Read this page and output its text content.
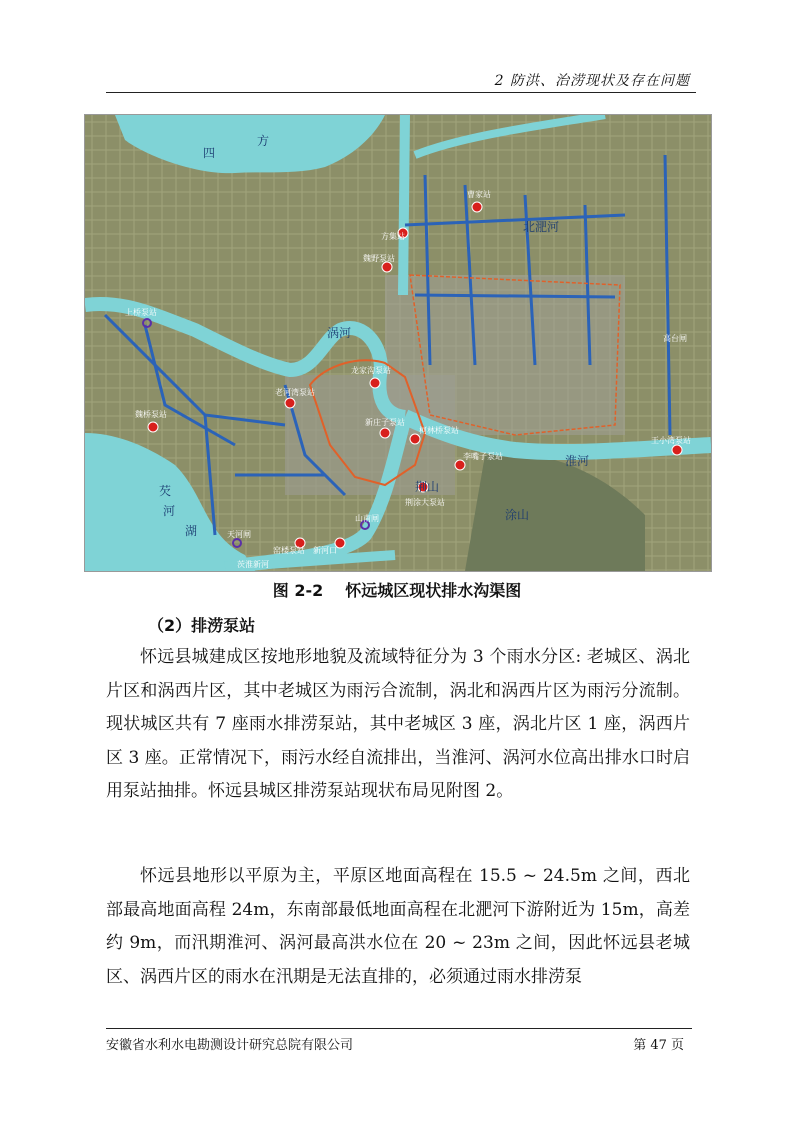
2 防洪、治涝现状及存在问题
四
方
芡
河
湖
涡河
淮河
北淝河
涂山
荆山
方集站
曹家站
魏野泵站
老河湾泵站
龙家沟泵站
魏桥泵站
高台闸
新庄子泵站
柯林桥泵站
李嘴子泵站
荆涂大泵站
山南闸
王小湾泵站
天河闸
窑楼泵站 新河口
上桥泵站
茨淮新河
图 2-2 怀远城区现状排水沟渠图
（2）排涝泵站

怀远县城建成区按地形地貌及流域特征分为 3 个雨水分区: 老城区、涡北片区和涡西片区，其中老城区为雨污合流制，涡北和涡西片区为雨污分流制。现状城区共有 7 座雨水排涝泵站，其中老城区 3 座，涡北片区 1 座，涡西片区 3 座。正常情况下，雨污水经自流排出，当淮河、涡河水位高出排水口时启用泵站抽排。怀远县城区排涝泵站现状布局见附图 2。

怀远县地形以平原为主，平原区地面高程在 15.5 ~ 24.5m 之间，西北部最高地面高程 24m，东南部最低地面高程在北淝河下游附近为 15m，高差约 9m，而汛期淮河、涡河最高洪水位在 20 ~ 23m 之间，因此怀远县老城区、涡西片区的雨水在汛期是无法直排的，必须通过雨水排涝泵

安徽省水利水电勘测设计研究总院有限公司	第 47 页
